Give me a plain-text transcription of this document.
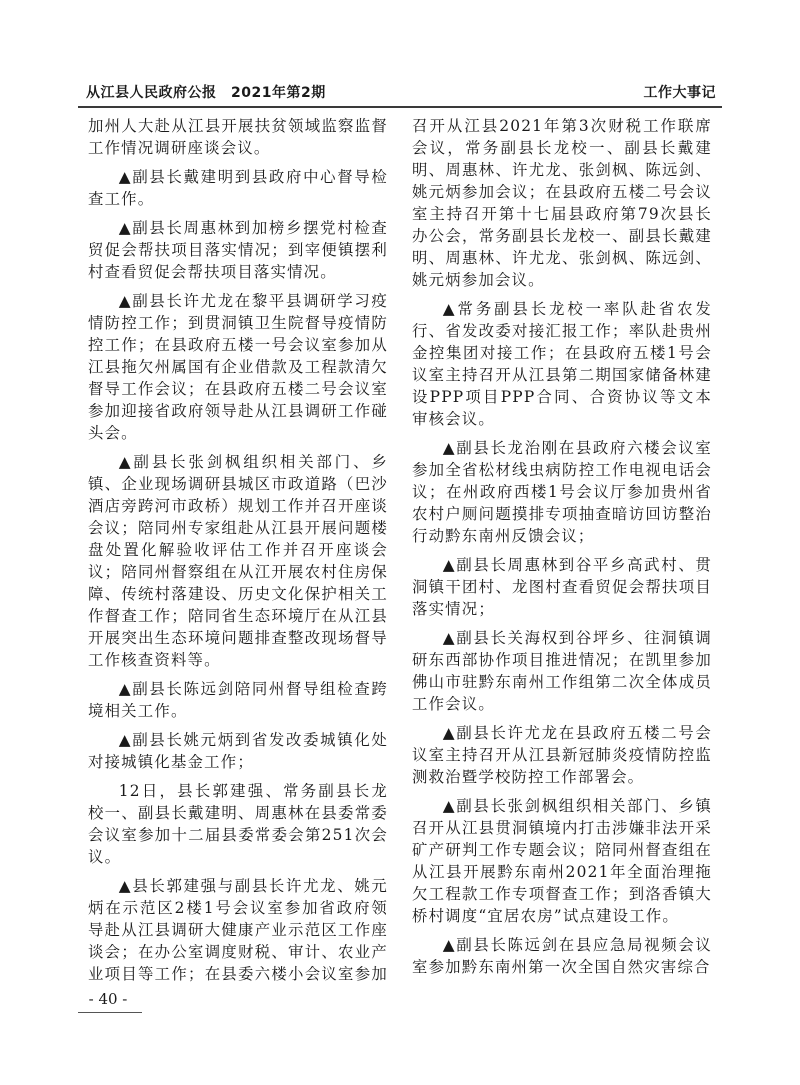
从江县人民政府公报　2021年第2期	工作大事记

加州人大赴从江县开展扶贫领域监察监督工作情况调研座谈会议。

▲副县长戴建明到县政府中心督导检查工作。

▲副县长周惠林到加榜乡摆党村检查贸促会帮扶项目落实情况；到宰便镇摆利村查看贸促会帮扶项目落实情况。

▲副县长许尤龙在黎平县调研学习疫情防控工作；到贯洞镇卫生院督导疫情防控工作；在县政府五楼一号会议室参加从江县拖欠州属国有企业借款及工程款清欠督导工作会议；在县政府五楼二号会议室参加迎接省政府领导赴从江县调研工作碰头会。

▲副县长张剑枫组织相关部门、乡镇、企业现场调研县城区市政道路（巴沙酒店旁跨河市政桥）规划工作并召开座谈会议；陪同州专家组赴从江县开展问题楼盘处置化解验收评估工作并召开座谈会议；陪同州督察组在从江开展农村住房保障、传统村落建设、历史文化保护相关工作督查工作；陪同省生态环境厅在从江县开展突出生态环境问题排查整改现场督导工作核查资料等。

▲副县长陈远剑陪同州督导组检查跨境相关工作。

▲副县长姚元炳到省发改委城镇化处对接城镇化基金工作；

12日，县长郭建强、常务副县长龙校一、副县长戴建明、周惠林在县委常委会议室参加十二届县委常委会第251次会议。

▲县长郭建强与副县长许尤龙、姚元炳在示范区2楼1号会议室参加省政府领导赴从江县调研大健康产业示范区工作座谈会；在办公室调度财税、审计、农业产业项目等工作；在县委六楼小会议室参加

召开从江县2021年第3次财税工作联席会议，常务副县长龙校一、副县长戴建明、周惠林、许尤龙、张剑枫、陈远剑、姚元炳参加会议；在县政府五楼二号会议室主持召开第十七届县政府第79次县长办公会，常务副县长龙校一、副县长戴建明、周惠林、许尤龙、张剑枫、陈远剑、姚元炳参加会议。

▲常务副县长龙校一率队赴省农发行、省发改委对接汇报工作；率队赴贵州金控集团对接工作；在县政府五楼1号会议室主持召开从江县第二期国家储备林建设PPP项目PPP合同、合资协议等文本审核会议。

▲副县长龙治刚在县政府六楼会议室参加全省松材线虫病防控工作电视电话会议；在州政府西楼1号会议厅参加贵州省农村户厕问题摸排专项抽查暗访回访整治行动黔东南州反馈会议；

▲副县长周惠林到谷平乡高武村、贯洞镇干团村、龙图村查看贸促会帮扶项目落实情况；

▲副县长关海权到谷坪乡、往洞镇调研东西部协作项目推进情况；在凯里参加佛山市驻黔东南州工作组第二次全体成员工作会议。

▲副县长许尤龙在县政府五楼二号会议室主持召开从江县新冠肺炎疫情防控监测救治暨学校防控工作部署会。

▲副县长张剑枫组织相关部门、乡镇召开从江县贯洞镇境内打击涉嫌非法开采矿产研判工作专题会议；陪同州督查组在从江县开展黔东南州2021年全面治理拖欠工程款工作专项督查工作；到洛香镇大桥村调度“宜居农房”试点建设工作。

▲副县长陈远剑在县应急局视频会议室参加黔东南州第一次全国自然灾害综合

- 40 -
